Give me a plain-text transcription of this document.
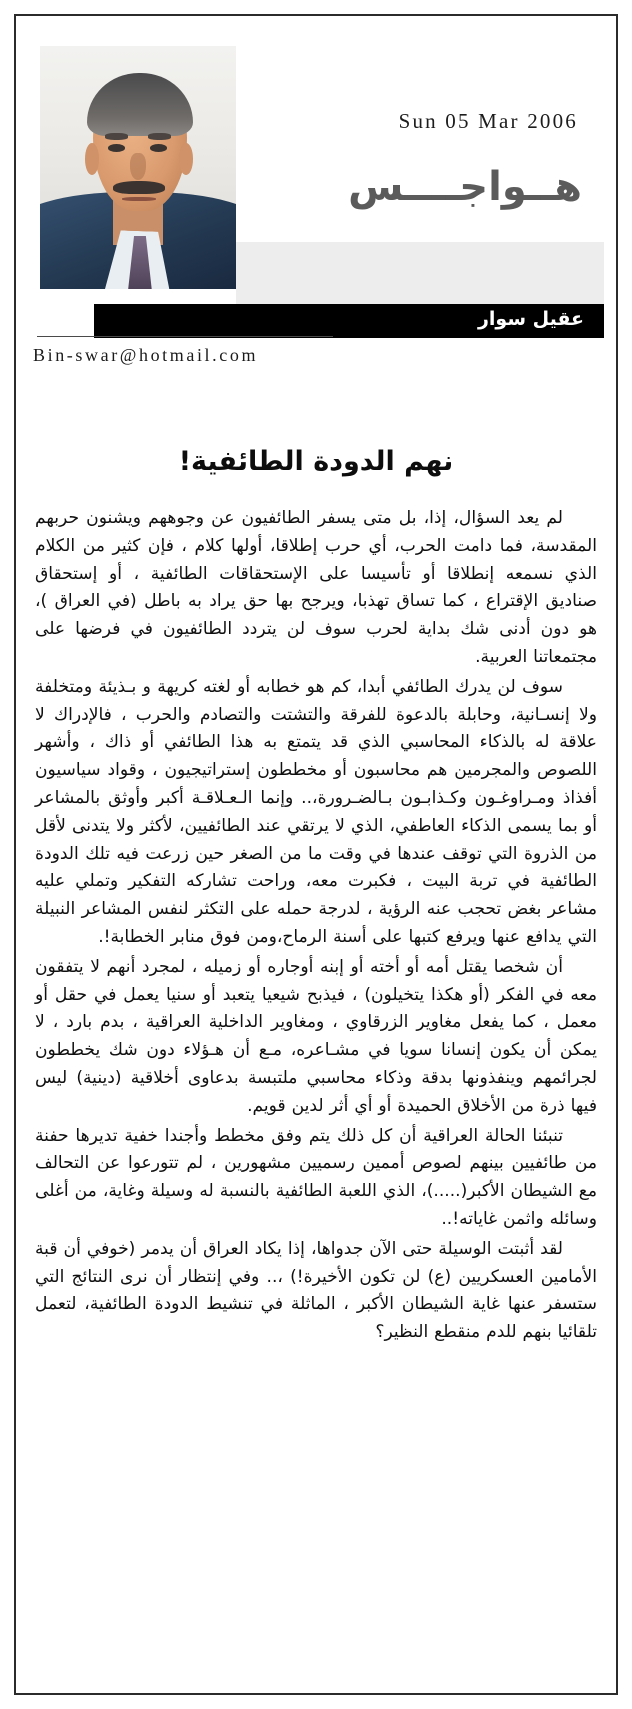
Sun 05 Mar 2006
هــواجــــس
عقيل سوار
Bin-swar@hotmail.com
نهم الدودة الطائفية!

لم يعد السؤال، إذا، بل متى يسفر الطائفيون عن وجوههم ويشنون حربهم المقدسة، فما دامت الحرب، أي حرب إطلاقا، أولها كلام ، فإن كثير من الكلام الذي نسمعه إنطلاقا أو تأسيسا على الإستحقاقات الطائفية ، أو إستحقاق صناديق الإقتراع ، كما تساق تهذبا، ويرجح بها حق يراد به باطل (في العراق )، هو دون أدنى شك بداية لحرب سوف لن يتردد الطائفيون في فرضها على مجتمعاتنا العربية.

سوف لن يدرك الطائفي أبدا، كم هو خطابه أو لغته كريهة و بـذيئة ومتخلفة ولا إنسـانية، وحابلة بالدعوة للفرقة والتشتت والتصادم والحرب ، فالإدراك لا علاقة له بالذكاء المحاسبي الذي قد يتمتع به هذا الطائفي أو ذاك ، وأشهر اللصوص والمجرمين هم محاسبون أو مخططون إستراتيجيون ، وقواد سياسيون أفذاذ ومـراوغـون وكـذابـون بـالضـرورة،.. وإنما الـعـلاقـة أكبر وأوثق بالمشاعر أو بما يسمى الذكاء العاطفي، الذي لا يرتقي عند الطائفيين، لأكثر ولا يتدنى لأقل من الذروة التي توقف عندها في وقت ما من الصغر حين زرعت فيه تلك الدودة الطائفية في تربة البيت ، فكبرت معه، وراحت تشاركه التفكير وتملي عليه مشاعر بغض تحجب عنه الرؤية ، لدرجة حمله على التكثر لنفس المشاعر النبيلة التي يدافع عنها ويرفع كتبها على أسنة الرماح،ومن فوق منابر الخطابة!.

أن شخصا يقتل أمه أو أخته أو إبنه أوجاره أو زميله ، لمجرد أنهم لا يتفقون معه في الفكر (أو هكذا يتخيلون) ، فيذبح شيعيا يتعبد أو سنيا يعمل في حقل أو معمل ، كما يفعل مغاوير الزرقاوي ، ومغاوير الداخلية العراقية ، بدم بارد ، لا يمكن أن يكون إنسانا سويا في مشـاعره، مـع أن هـؤلاء دون شك يخططون لجرائمهم وينفذونها بدقة وذكاء محاسبي ملتبسة بدعاوى أخلاقية (دينية) ليس فيها ذرة من الأخلاق الحميدة أو أي أثر لدين قويم.

تنبئنا الحالة العراقية أن كل ذلك يتم وفق مخطط وأجندا خفية تديرها حفنة من طائفيين بينهم لصوص أممين رسميين مشهورين ، لم تتورعوا عن التحالف مع الشيطان الأكبر(.....)، الذي اللعبة الطائفية بالنسبة له وسيلة وغاية، من أغلى وسائله واثمن غاياته!..

لقد أثبتت الوسيلة حتى الآن جدواها، إذا يكاد العراق أن يدمر (خوفي أن قبة الأمامين العسكريين (ع) لن تكون الأخيرة!) ،.. وفي إنتظار أن نرى النتائج التي ستسفر عنها غاية الشيطان الأكبر ، الماثلة في تنشيط الدودة الطائفية، لتعمل تلقائيا بنهم للدم منقطع النظير؟
